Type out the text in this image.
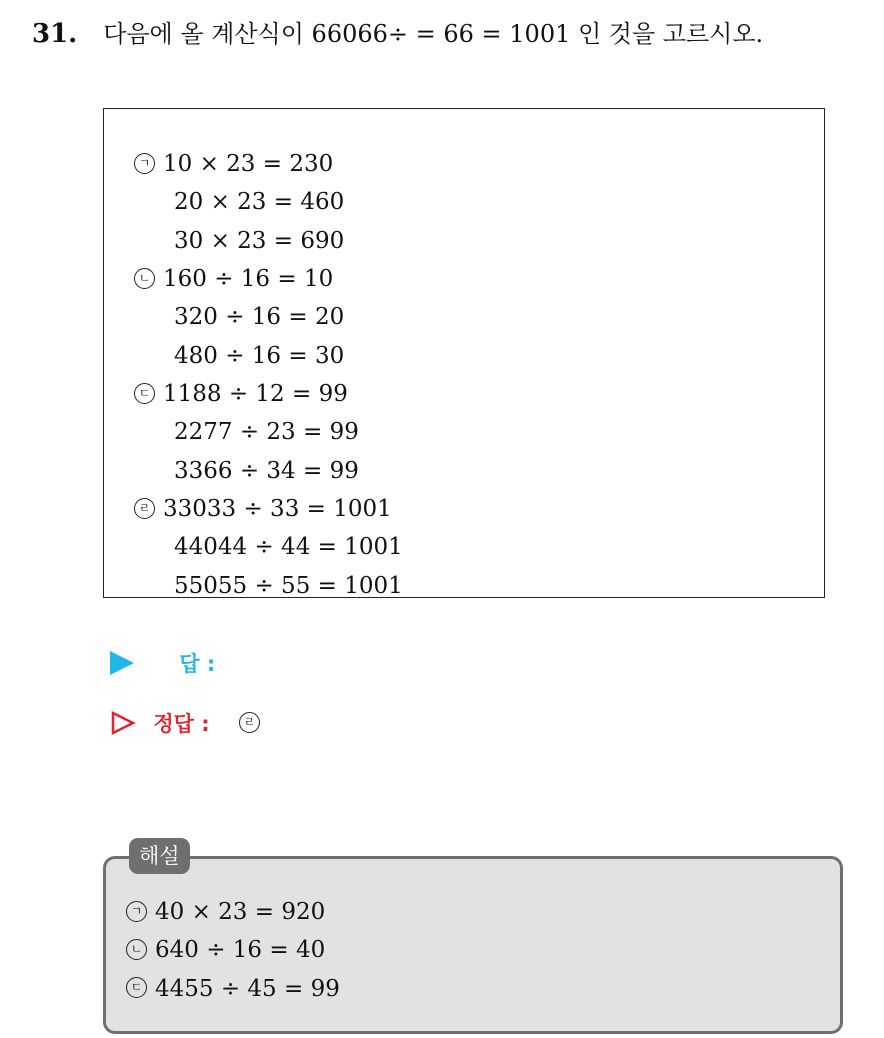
31. 다음에 올 계산식이 66066÷ = 66 = 1001 인 것을 고르시오.
ㄱ 10 × 23 = 230
20 × 23 = 460
30 × 23 = 690
ㄴ 160 ÷ 16 = 10
320 ÷ 16 = 20
480 ÷ 16 = 30
ㄷ 1188 ÷ 12 = 99
2277 ÷ 23 = 99
3366 ÷ 34 = 99
ㄹ 33033 ÷ 33 = 1001
44044 ÷ 44 = 1001
55055 ÷ 55 = 1001
답 :
정답 :	ㄹ
ㄱ 40 × 23 = 920
ㄴ 640 ÷ 16 = 40
ㄷ 4455 ÷ 45 = 99
해설
